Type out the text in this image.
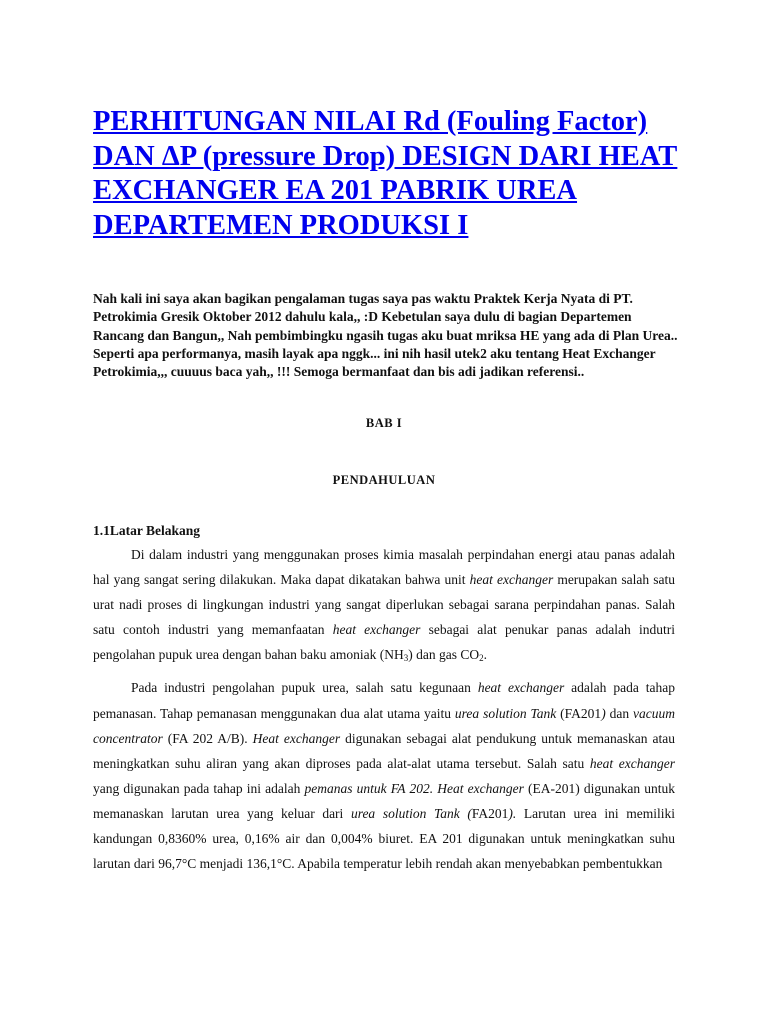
PERHITUNGAN NILAI Rd (Fouling Factor) DAN ΔP (pressure Drop) DESIGN DARI HEAT EXCHANGER EA 201 PABRIK UREA DEPARTEMEN PRODUKSI I

Nah kali ini saya akan bagikan pengalaman tugas saya pas waktu Praktek Kerja Nyata di PT. Petrokimia Gresik Oktober 2012 dahulu kala,, :D Kebetulan saya dulu di bagian Departemen Rancang dan Bangun,, Nah pembimbingku ngasih tugas aku buat mriksa HE yang ada di Plan Urea.. Seperti apa performanya, masih layak apa nggk... ini nih hasil utek2 aku tentang Heat Exchanger Petrokimia,,, cuuuus baca yah,, !!! Semoga bermanfaat dan bis adi jadikan referensi..

BAB I
PENDAHULUAN
1.1Latar Belakang

Di dalam industri yang menggunakan proses kimia masalah perpindahan energi atau panas adalah hal yang sangat sering dilakukan. Maka dapat dikatakan bahwa unit heat exchanger merupakan salah satu urat nadi proses di lingkungan industri yang sangat diperlukan sebagai sarana perpindahan panas. Salah satu contoh industri yang memanfaatan heat exchanger sebagai alat penukar panas adalah indutri pengolahan pupuk urea dengan bahan baku amoniak $(NH_3)$ dan gas $CO_2$.

Pada industri pengolahan pupuk urea, salah satu kegunaan heat exchanger adalah pada tahap pemanasan. Tahap pemanasan menggunakan dua alat utama yaitu urea solution Tank (FA201) dan vacuum concentrator (FA 202 A/B). Heat exchanger digunakan sebagai alat pendukung untuk memanaskan atau meningkatkan suhu aliran yang akan diproses pada alat-alat utama tersebut. Salah satu heat exchanger yang digunakan pada tahap ini adalah pemanas untuk FA 202. Heat exchanger (EA-201) digunakan untuk memanaskan larutan urea yang keluar dari urea solution Tank (FA201). Larutan urea ini memiliki kandungan 0,8360% urea, 0,16% air dan 0,004% biuret. EA 201 digunakan untuk meningkatkan suhu larutan dari 96,7°C menjadi 136,1°C. Apabila temperatur lebih rendah akan menyebabkan pembentukkan
